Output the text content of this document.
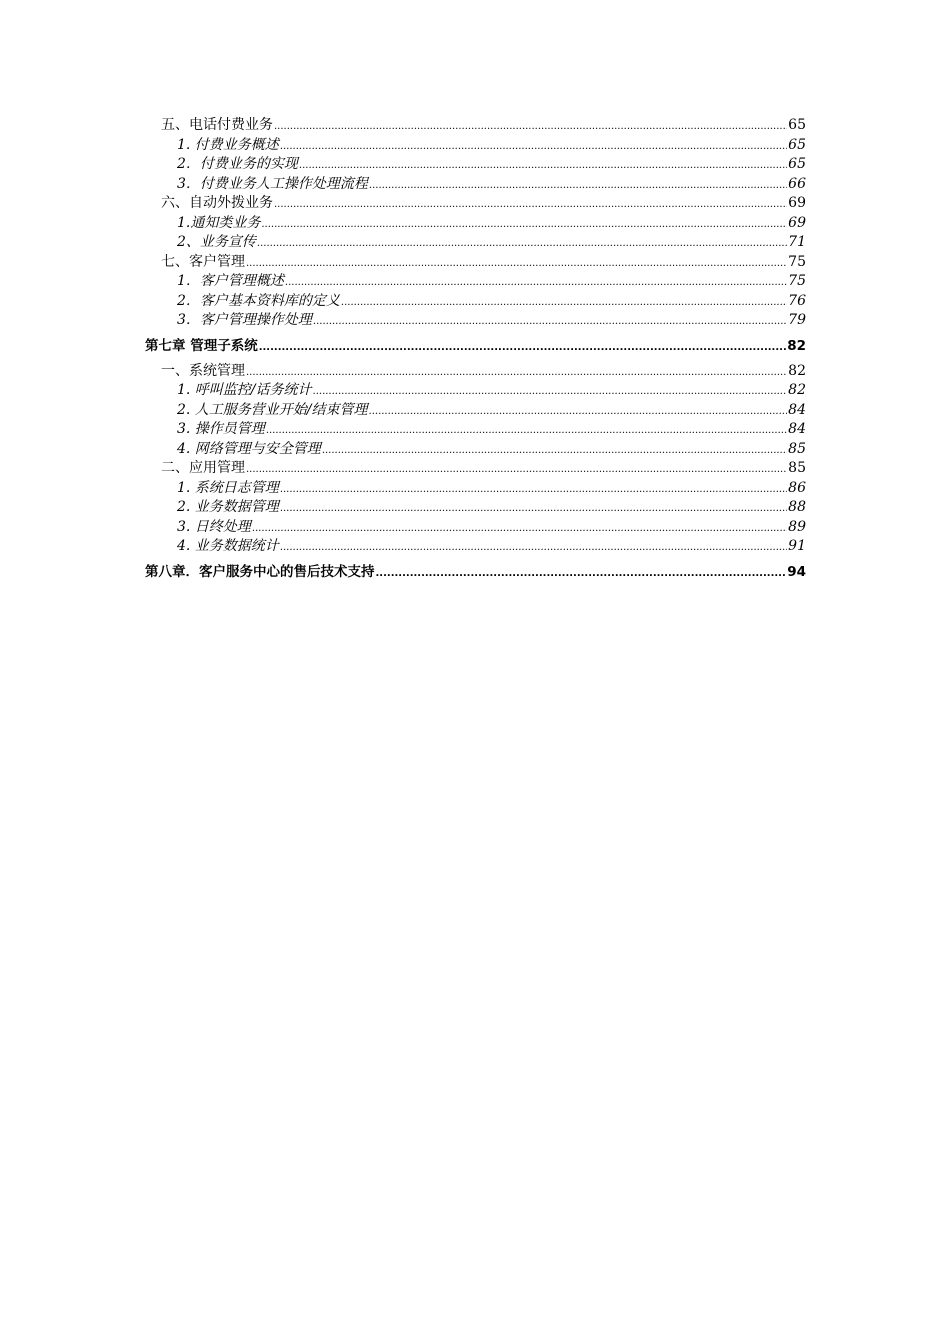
五、电话付费业务 .....	65
1. 付费业务概述 .....	65
2．付费业务的实现 .....	65
3．付费业务人工操作处理流程 .....	66
六、自动外拨业务 .....	69
1.通知类业务 .....	69
2、业务宣传 .....	71
七、客户管理 .....	75
1．客户管理概述 .....	75
2．客户基本资料库的定义 .....	76
3．客户管理操作处理 .....	79
第七章 管理子系统 .....	82
一、系统管理 .....	82
1. 呼叫监控/话务统计 .....	82
2. 人工服务营业开始/结束管理 .....	84
3. 操作员管理 .....	84
4. 网络管理与安全管理 .....	85
二、应用管理 .....	85
1. 系统日志管理 .....	86
2. 业务数据管理 .....	88
3. 日终处理 .....	89
4. 业务数据统计 .....	91
第八章．客户服务中心的售后技术支持 .....	94
